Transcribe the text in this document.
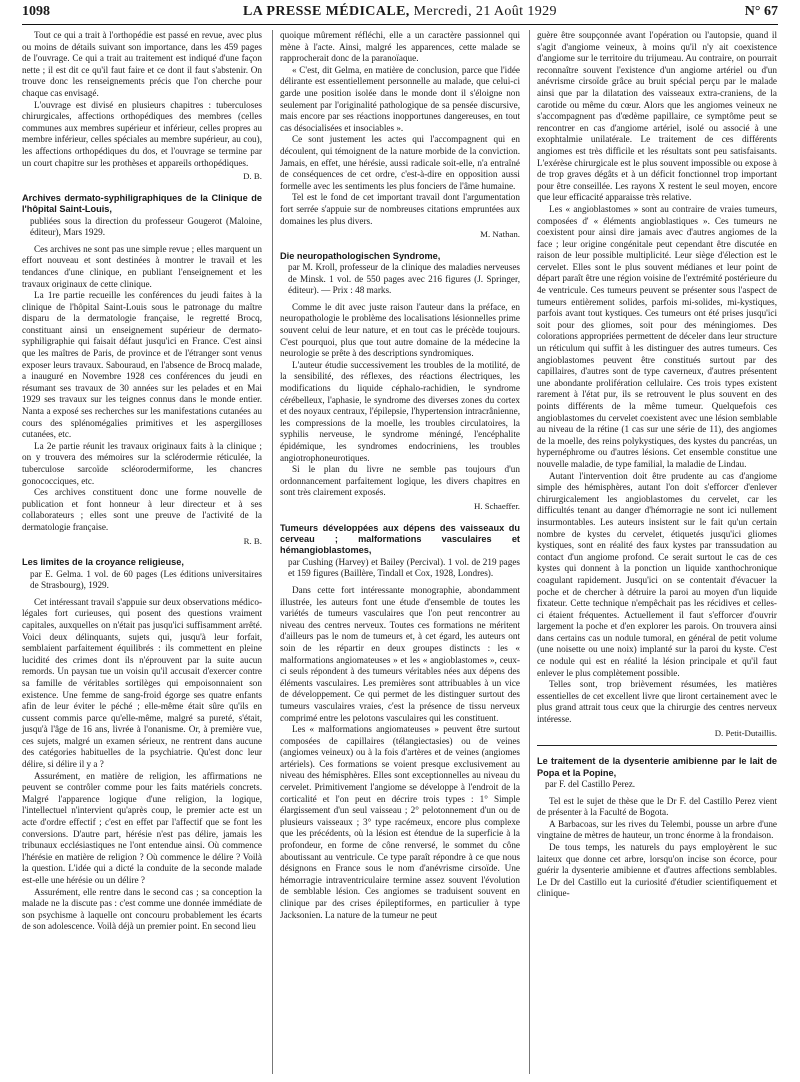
1098	LA PRESSE MÉDICALE, Mercredi, 21 Août 1929	N° 67

Tout ce qui a trait à l'orthopédie est passé en revue, avec plus ou moins de détails suivant son importance, dans les 459 pages de l'ouvrage. Ce qui a trait au traitement est indiqué d'une façon nette ; il est dit ce qu'il faut faire et ce dont il faut s'abstenir. On trouve donc les renseignements précis que l'on cherche pour chaque cas envisagé.

L'ouvrage est divisé en plusieurs chapitres : tuberculoses chirurgicales, affections orthopédiques des membres (celles communes aux membres supérieur et inférieur, celles propres au membre inférieur, celles spéciales au membre supérieur, au cou), les affections orthopédiques du dos, et l'ouvrage se termine par un court chapitre sur les prothèses et appareils orthopédiques.

D. B.

Archives dermato-syphiligraphiques de la Clinique de l'hôpital Saint-Louis,

publiées sous la direction du professeur Gougerot (Maloine, éditeur), Mars 1929.

Ces archives ne sont pas une simple revue ; elles marquent un effort nouveau et sont destinées à montrer le travail et les tendances d'une clinique, en publiant l'enseignement et les travaux originaux de cette clinique.

La 1re partie recueille les conférences du jeudi faites à la clinique de l'hôpital Saint-Louis sous le patronage du maître disparu de la dermatologie française, le regretté Brocq, constituant ainsi un enseignement supérieur de dermato-syphiligraphie qui faisait défaut jusqu'ici en France. C'est ainsi que les maîtres de Paris, de province et de l'étranger sont venus exposer leurs travaux. Sabouraud, en l'absence de Brocq malade, a inauguré en Novembre 1928 ces conférences du jeudi en résumant ses travaux de 30 années sur les pelades et en Mai 1929 ses travaux sur les teignes connus dans le monde entier. Nanta a exposé ses recherches sur les manifestations cutanées au cours des splénomégalies primitives et les aspergilloses cutanées, etc.

La 2e partie réunit les travaux originaux faits à la clinique ; on y trouvera des mémoires sur la sclérodermie réticulée, la tuberculose sarcoïde scléorodermiforme, les chancres gonococciques, etc.

Ces archives constituent donc une forme nouvelle de publication et font honneur à leur directeur et à ses collaborateurs ; elles sont une preuve de l'activité de la dermatologie française.

R. B.

Les limites de la croyance religieuse,

par E. Gelma. 1 vol. de 60 pages (Les éditions universitaires de Strasbourg), 1929.

Cet intéressant travail s'appuie sur deux observations médico-légales fort curieuses, qui posent des questions vraiment capitales, auxquelles on n'était pas jusqu'ici suffisamment arrêté. Voici deux délinquants, sujets qui, jusqu'à leur forfait, semblaient parfaitement équilibrés : ils commettent en pleine lucidité des crimes dont ils n'éprouvent par la suite aucun remords. Un paysan tue un voisin qu'il accusait d'exercer contre sa famille de véritables sortilèges qui empoisonnaient son existence. Une femme de sang-froid égorge ses quatre enfants afin de leur éviter le péché ; elle-même était sûre qu'ils en cussent commis parce qu'elle-même, malgré sa pureté, s'était, jusqu'à l'âge de 16 ans, livrée à l'onanisme. Or, à première vue, ces sujets, malgré un examen sérieux, ne rentrent dans aucune des catégories habituelles de la psychiatrie. Qu'est donc leur délire, si délire il y a ?

Assurément, en matière de religion, les affirmations ne peuvent se contrôler comme pour les faits matériels concrets. Malgré l'apparence logique d'une religion, la logique, l'intellectuel n'intervient qu'après coup, le premier acte est un acte d'ordre effectif ; c'est en effet par l'affectif que se font les conversions. D'autre part, hérésie n'est pas délire, jamais les tribunaux ecclésiastiques ne l'ont entendue ainsi. Où commence l'hérésie en matière de religion ? Où commence le délire ? Voilà la question. L'idée qui a dicté la conduite de la seconde malade est-elle une hérésie ou un délire ?

Assurément, elle rentre dans le second cas ; sa conception la malade ne la discute pas : c'est comme une donnée immédiate de son psychisme à laquelle ont concouru probablement les écarts de son adolescence. Voilà déjà un premier point. En second lieu

quoique mûrement réfléchi, elle a un caractère passionnel qui mène à l'acte. Ainsi, malgré les apparences, cette malade se rapprocherait donc de la paranoïaque.

« C'est, dit Gelma, en matière de conclusion, parce que l'idée délirante est essentiellement personnelle au malade, que celui-ci garde une position isolée dans le monde dont il s'éloigne non seulement par l'originalité pathologique de sa pensée discursive, mais encore par ses réactions inopportunes dangereuses, en tout cas désocialisées et insociables ».

Ce sont justement les actes qui l'accompagnent qui en découlent, qui témoignent de la nature morbide de la conviction. Jamais, en effet, une hérésie, aussi radicale soit-elle, n'a entraîné de conséquences de cet ordre, c'est-à-dire en opposition aussi formelle avec les sentiments les plus fonciers de l'âme humaine.

Tel est le fond de cet important travail dont l'argumentation fort serrée s'appuie sur de nombreuses citations empruntées aux domaines les plus divers.

M. Nathan.

Die neuropathologischen Syndrome,

par M. Kroll, professeur de la clinique des maladies nerveuses de Minsk. 1 vol. de 550 pages avec 216 figures (J. Springer, éditeur). — Prix : 48 marks.

Comme le dit avec juste raison l'auteur dans la préface, en neuropathologie le problème des localisations lésionnelles prime souvent celui de leur nature, et en tout cas le précède toujours. C'est pourquoi, plus que tout autre domaine de la médecine la neurologie se prête à des descriptions syndromiques.

L'auteur étudie successivement les troubles de la motilité, de la sensibilité, des réflexes, des réactions électriques, les modifications du liquide céphalo-rachidien, le syndrome cérébelleux, l'aphasie, le syndrome des diverses zones du cortex et des noyaux centraux, l'épilepsie, l'hypertension intracrânienne, les compressions de la moelle, les troubles circulatoires, la syphilis nerveuse, le syndrome méningé, l'encéphalite épidémique, les syndromes endocriniens, les troubles angiotrophoneurotiques.

Si le plan du livre ne semble pas toujours d'un ordonnancement parfaitement logique, les divers chapitres en sont très clairement exposés.

H. Schaeffer.

Tumeurs développées aux dépens des vaisseaux du cerveau ; malformations vasculaires et hémangioblastomes,

par Cushing (Harvey) et Bailey (Percival). 1 vol. de 219 pages et 159 figures (Baillère, Tindall et Cox, 1928, Londres).

Dans cette fort intéressante monographie, abondamment illustrée, les auteurs font une étude d'ensemble de toutes les variétés de tumeurs vasculaires que l'on peut rencontrer au niveau des centres nerveux. Toutes ces formations ne méritent d'ailleurs pas le nom de tumeurs et, à cet égard, les auteurs ont soin de les répartir en deux groupes distincts : les « malformations angiomateuses » et les « angioblastomes », ceux-ci seuls répondent à des tumeurs véritables nées aux dépens des éléments vasculaires. Les premières sont attribuables à un vice de développement. Ce qui permet de les distinguer surtout des tumeurs vasculaires vraies, c'est la présence de tissu nerveux comprimé entre les pelotons vasculaires qui les constituent.

Les « malformations angiomateuses » peuvent être surtout composées de capillaires (télangiectasies) ou de veines (angiomes veineux) ou à la fois d'artères et de veines (angiomes artériels). Ces formations se voient presque exclusivement au niveau des hémisphères. Elles sont exceptionnelles au niveau du cervelet. Primitivement l'angiome se développe à l'endroit de la corticalité et l'on peut en décrire trois types : 1° Simple élargissement d'un seul vaisseau ; 2° pelotonnement d'un ou de plusieurs vaisseaux ; 3° type racémeux, encore plus complexe que les précédents, où la lésion est étendue de la superficie à la profondeur, en forme de cône renversé, le sommet du cône aboutissant au ventricule. Ce type paraît répondre à ce que nous désignons en France sous le nom d'anévrisme cirsoïde. Une hémorragie intraventriculaire termine assez souvent l'évolution de semblable lésion. Ces angiomes se traduisent souvent en clinique par des crises épileptiformes, en particulier à type Jacksonien. La nature de la tumeur ne peut

guère être soupçonnée avant l'opération ou l'autopsie, quand il s'agit d'angiome veineux, à moins qu'il n'y ait coexistence d'angiome sur le territoire du trijumeau. Au contraire, on pourrait reconnaître souvent l'existence d'un angiome artériel ou d'un anévrisme cirsoïde grâce au bruit spécial perçu par le malade ainsi que par la dilatation des vaisseaux extra-craniens, de la carotide ou même du cœur. Alors que les angiomes veineux ne s'accompagnent pas d'œdème papillaire, ce symptôme peut se rencontrer en cas d'angiome artériel, isolé ou associé à une exophtalmie unilatérale. Le traitement de ces différents angiomes est très difficile et les résultats sont peu satisfaisants. L'exérèse chirurgicale est le plus souvent impossible ou expose à de trop graves dégâts et à un déficit fonctionnel trop important pour être conseillée. Les rayons X restent le seul moyen, encore que leur efficacité apparaisse très relative.

Les « angioblastomes » sont au contraire de vraies tumeurs, composées d' « éléments angioblastiques ». Ces tumeurs ne coexistent pour ainsi dire jamais avec d'autres angiomes de la face ; leur origine congénitale peut cependant être discutée en raison de leur possible multiplicité. Leur siège d'élection est le cervelet. Elles sont le plus souvent médianes et leur point de départ paraît être une région voisine de l'extrémité postérieure du 4e ventricule. Ces tumeurs peuvent se présenter sous l'aspect de tumeurs entièrement solides, parfois mi-solides, mi-kystiques, parfois avant tout kystiques. Ces tumeurs ont été prises jusqu'ici soit pour des gliomes, soit pour des méningiomes. Des colorations appropriées permettent de déceler dans leur structure un réticulum qui suffit à les distinguer des autres tumeurs. Ces angioblastomes peuvent être constitués surtout par des capillaires, d'autres sont de type caverneux, d'autres présentent une abondante prolifération cellulaire. Ces trois types existent rarement à l'état pur, ils se retrouvent le plus souvent en des points différents de la même tumeur. Quelquefois ces angioblastomes du cervelet coexistent avec une lésion semblable au niveau de la rétine (1 cas sur une série de 11), des angiomes de la moelle, des reins polykystiques, des kystes du pancréas, un hypernéphrome ou d'autres lésions. Cet ensemble constitue une nouvelle maladie, de type familial, la maladie de Lindau.

Autant l'intervention doit être prudente au cas d'angiome simple des hémisphères, autant l'on doit s'efforcer d'enlever chirurgicalement les angioblastomes du cervelet, car les difficultés tenant au danger d'hémorragie ne sont ici nullement insurmontables. Les auteurs insistent sur le fait qu'un certain nombre de kystes du cervelet, étiquetés jusqu'ici gliomes kystiques, sont en réalité des faux kystes par transsudation au contact d'un angiome profond. Ce serait surtout le cas de ces kystes qui donnent à la ponction un liquide xanthochronique coagulant rapidement. Jusqu'ici on se contentait d'évacuer la poche et de chercher à détruire la paroi au moyen d'un liquide fixateur. Cette technique n'empêchait pas les récidives et celles-ci étaient fréquentes. Actuellement il faut s'efforcer d'ouvrir largement la poche et d'en explorer les parois. On trouvera ainsi dans certains cas un nodule tumoral, en général de petit volume (une noisette ou une noix) implanté sur la paroi du kyste. C'est ce nodule qui est en réalité la lésion principale et qu'il faut enlever le plus complètement possible.

Telles sont, trop brièvement résumées, les matières essentielles de cet excellent livre que liront certainement avec le plus grand attrait tous ceux que la chirurgie des centres nerveux intéresse.

D. Petit-Dutaillis.

Le traitement de la dysenterie amibienne par le lait de Popa et la Popine,

par F. del Castillo Perez.

Tel est le sujet de thèse que le Dr F. del Castillo Perez vient de présenter à la Faculté de Bogota.

A Barbacoas, sur les rives du Telembi, pousse un arbre d'une vingtaine de mètres de hauteur, un tronc énorme à la frondaison.

De tous temps, les naturels du pays employèrent le suc laiteux que donne cet arbre, lorsqu'on incise son écorce, pour guérir la dysenterie amibienne et d'autres affections semblables. Le Dr del Castillo eut la curiosité d'étudier scientifiquement et clinique-
